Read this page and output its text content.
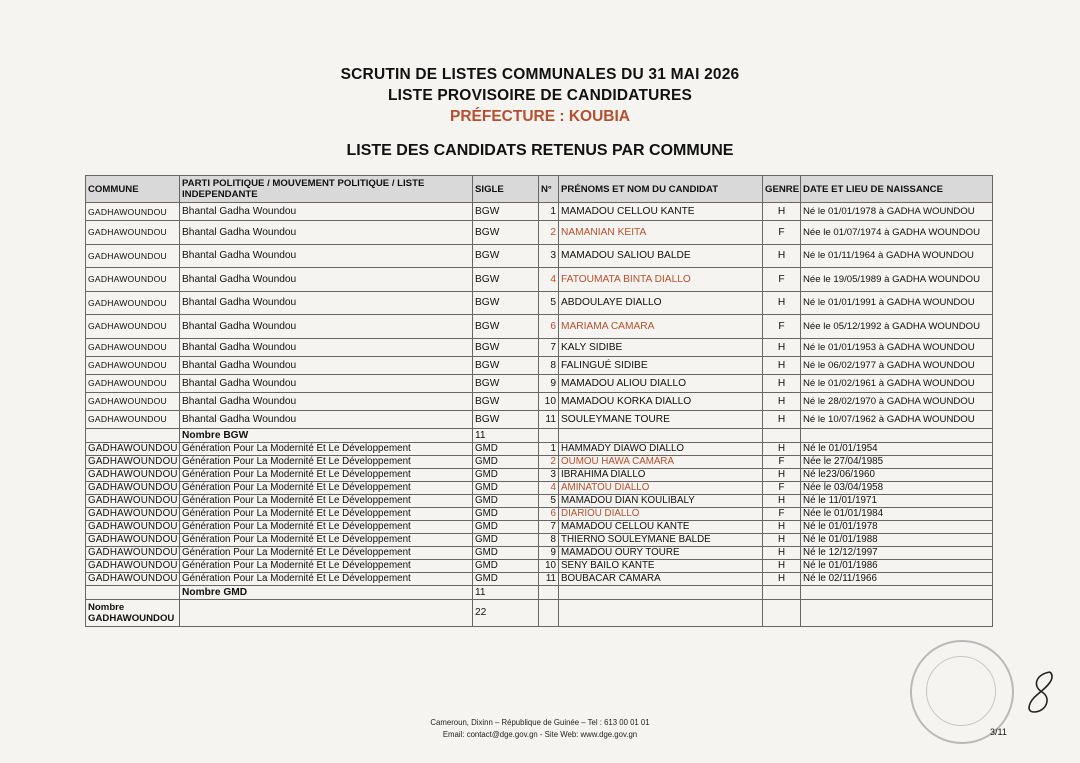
SCRUTIN DE LISTES COMMUNALES DU 31 MAI 2026
LISTE PROVISOIRE DE CANDIDATURES
PRÉFECTURE : KOUBIA
LISTE DES CANDIDATS RETENUS PAR COMMUNE
COMMUNE	PARTI POLITIQUE / MOUVEMENT POLITIQUE / LISTE INDEPENDANTE	SIGLE	N°	PRÉNOMS ET NOM DU CANDIDAT	GENRE	DATE ET LIEU DE NAISSANCE
GADHAWOUNDOU	Bhantal Gadha Woundou	BGW	1	MAMADOU CELLOU KANTE	H	Né le 01/01/1978 à GADHA WOUNDOU
GADHAWOUNDOU	Bhantal Gadha Woundou	BGW	2	NAMANIAN KEITA	F	Née le 01/07/1974 à GADHA WOUNDOU
GADHAWOUNDOU	Bhantal Gadha Woundou	BGW	3	MAMADOU SALIOU BALDE	H	Né le 01/11/1964 à GADHA WOUNDOU
GADHAWOUNDOU	Bhantal Gadha Woundou	BGW	4	FATOUMATA BINTA DIALLO	F	Née le 19/05/1989 à GADHA WOUNDOU
GADHAWOUNDOU	Bhantal Gadha Woundou	BGW	5	ABDOULAYE DIALLO	H	Né le 01/01/1991 à GADHA WOUNDOU
GADHAWOUNDOU	Bhantal Gadha Woundou	BGW	6	MARIAMA CAMARA	F	Née le 05/12/1992 à GADHA WOUNDOU
GADHAWOUNDOU	Bhantal Gadha Woundou	BGW	7	KALY SIDIBE	H	Né le 01/01/1953 à GADHA WOUNDOU
GADHAWOUNDOU	Bhantal Gadha Woundou	BGW	8	FALINGUÉ SIDIBE	H	Né le 06/02/1977 à GADHA WOUNDOU
GADHAWOUNDOU	Bhantal Gadha Woundou	BGW	9	MAMADOU ALIOU DIALLO	H	Né le 01/02/1961 à GADHA WOUNDOU
GADHAWOUNDOU	Bhantal Gadha Woundou	BGW	10	MAMADOU KORKA DIALLO	H	Né le 28/02/1970 à GADHA WOUNDOU
GADHAWOUNDOU	Bhantal Gadha Woundou	BGW	11	SOULEYMANE TOURE	H	Né le 10/07/1962 à GADHA WOUNDOU
	Nombre BGW	11				
GADHAWOUNDOU	Génération Pour La Modernité Et Le Développement	GMD	1	HAMMADY DIAWO DIALLO	H	Né le 01/01/1954
GADHAWOUNDOU	Génération Pour La Modernité Et Le Développement	GMD	2	OUMOU HAWA CAMARA	F	Née le 27/04/1985
GADHAWOUNDOU	Génération Pour La Modernité Et Le Développement	GMD	3	IBRAHIMA DIALLO	H	Né le23/06/1960
GADHAWOUNDOU	Génération Pour La Modernité Et Le Développement	GMD	4	AMINATOU DIALLO	F	Née le 03/04/1958
GADHAWOUNDOU	Génération Pour La Modernité Et Le Développement	GMD	5	MAMADOU DIAN KOULIBALY	H	Né le 11/01/1971
GADHAWOUNDOU	Génération Pour La Modernité Et Le Développement	GMD	6	DIARIOU DIALLO	F	Née le 01/01/1984
GADHAWOUNDOU	Génération Pour La Modernité Et Le Développement	GMD	7	MAMADOU CELLOU KANTE	H	Né le 01/01/1978
GADHAWOUNDOU	Génération Pour La Modernité Et Le Développement	GMD	8	THIERNO SOULEYMANE BALDÉ	H	Né le 01/01/1988
GADHAWOUNDOU	Génération Pour La Modernité Et Le Développement	GMD	9	MAMADOU OURY TOURE	H	Né le 12/12/1997
GADHAWOUNDOU	Génération Pour La Modernité Et Le Développement	GMD	10	SENY BAILO KANTE	H	Né le 01/01/1986
GADHAWOUNDOU	Génération Pour La Modernité Et Le Développement	GMD	11	BOUBACAR CAMARA	H	Né le 02/11/1966
	Nombre GMD	11				
Nombre GADHAWOUNDOU		22				
Cameroun, Dixinn – République de Guinée – Tel : 613 00 01 01
Email: contact@dge.gov.gn - Site Web: www.dge.gov.gn	3/11
